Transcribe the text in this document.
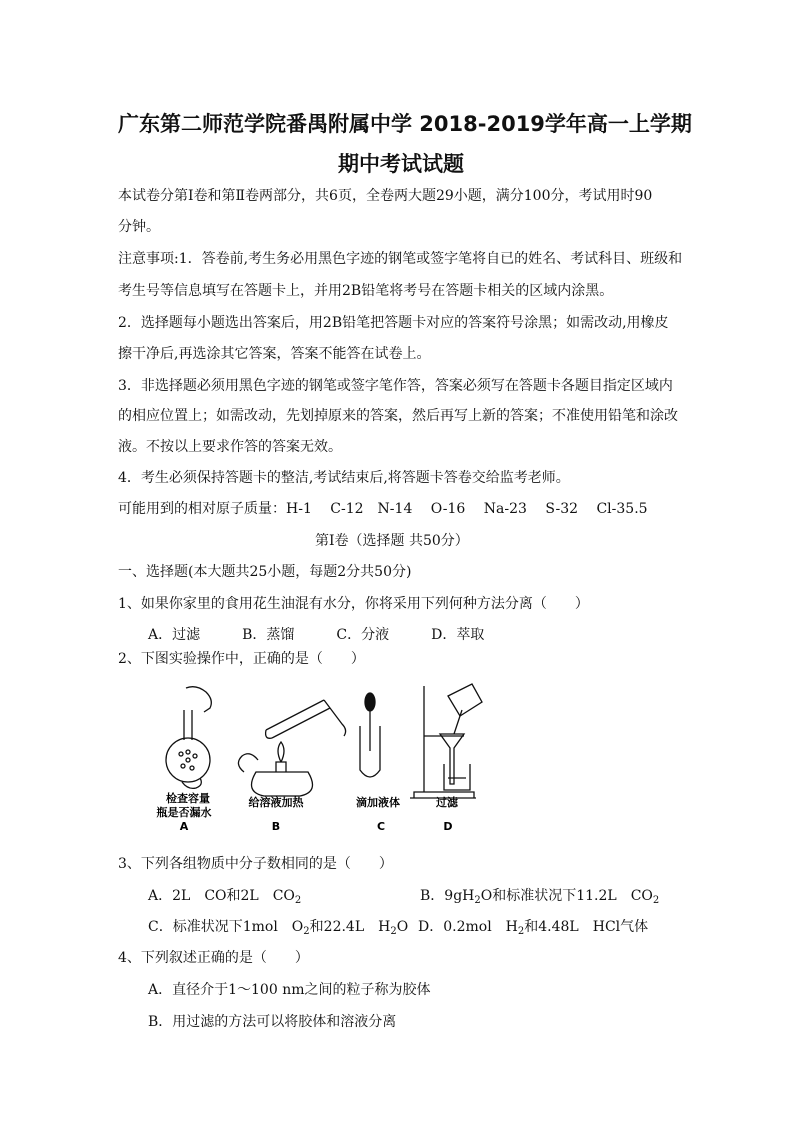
广东第二师范学院番禺附属中学 2018-2019学年高一上学期
期中考试试题
本试卷分第Ⅰ卷和第Ⅱ卷两部分，共6页，全卷两大题29小题，满分100分，考试用时90
分钟。
注意事项:1．答卷前,考生务必用黑色字迹的钢笔或签字笔将自已的姓名、考试科目、班级和
考生号等信息填写在答题卡上，并用2B铅笔将考号在答题卡相关的区域内涂黑。
2．选择题每小题选出答案后，用2B铅笔把答题卡对应的答案符号涂黑；如需改动,用橡皮
擦干净后,再选涂其它答案，答案不能答在试卷上。
3．非选择题必须用黑色字迹的钢笔或签字笔作答，答案必须写在答题卡各题目指定区域内
的相应位置上；如需改动，先划掉原来的答案，然后再写上新的答案；不准使用铅笔和涂改
液。不按以上要求作答的答案无效。
4．考生必须保持答题卡的整洁,考试结束后,将答题卡答卷交给监考老师。
可能用到的相对原子质量：H-1　 C-12　N-14　 O-16　 Na-23　 S-32　 Cl-35.5
第Ⅰ卷（选择题 共50分）
一、选择题(本大题共25小题，每题2分共50分)
1、如果你家里的食用花生油混有水分，你将采用下列何种方法分离（　　）
A．过滤　　　B．蒸馏　　　C．分液　　　D．萃取
2、下图实验操作中，正确的是（　　）
检查容量
瓶是否漏水
A
给溶液加热
B
滴加液体
C
过滤
D
3、下列各组物质中分子数相同的是（　　）
A．2L　CO和2L　$CO_2$	B．$9gH_2O$和标准状况下11.2L　$CO_2$
C．标准状况下1mol　$O_2$和22.4L　$H_2O$ D．0.2mol　$H_2$和4.48L　HCl气体
4、下列叙述正确的是（　　）
A．直径介于1～100 nm之间的粒子称为胶体
B．用过滤的方法可以将胶体和溶液分离
